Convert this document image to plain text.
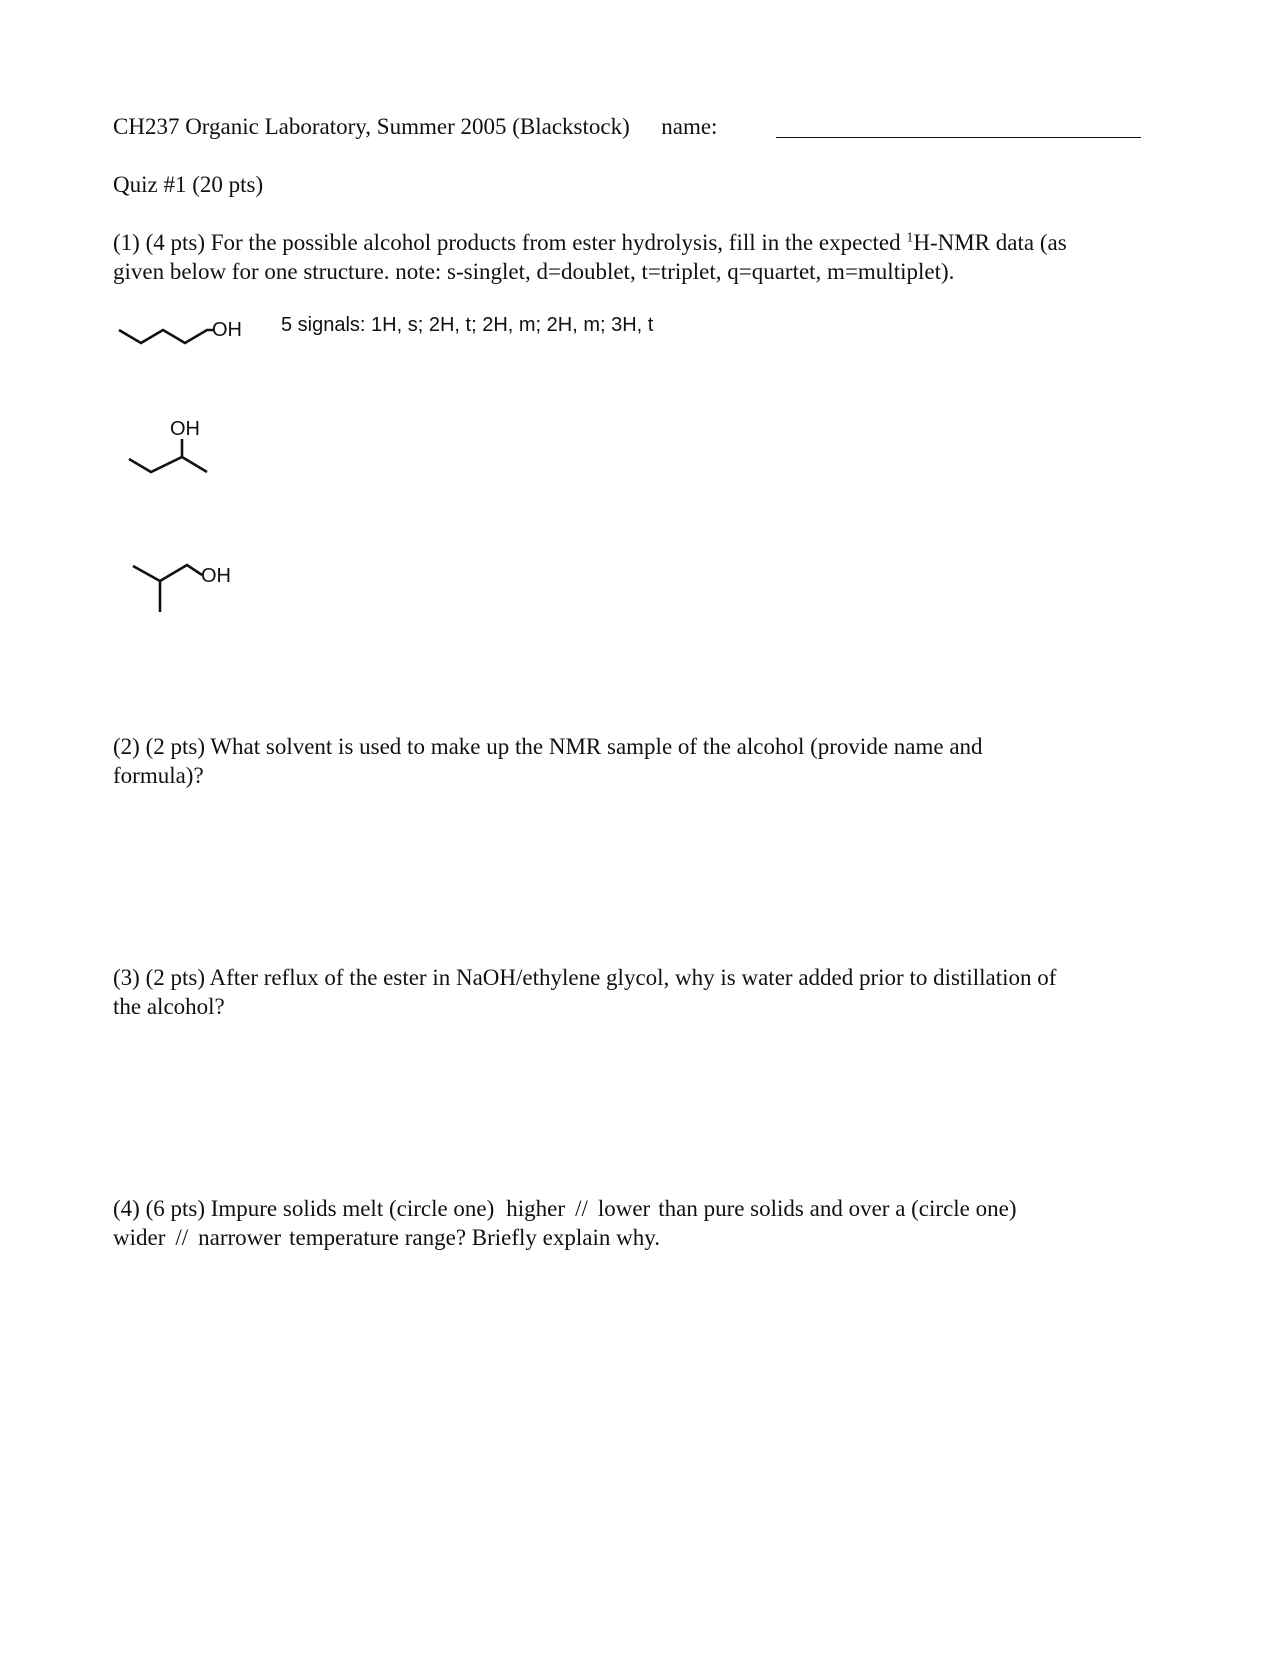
CH237 Organic Laboratory, Summer 2005 (Blackstock) name:
Quiz #1 (20 pts)
(1) (4 pts) For the possible alcohol products from ester hydrolysis, fill in the expected $^1$H-NMR data (as
given below for one structure. note: s-singlet, d=doublet, t=triplet, q=quartet, m=multiplet).
OH 5 signals: 1H, s; 2H, t; 2H, m; 2H, m; 3H, t
OH
OH
(2) (2 pts) What solvent is used to make up the NMR sample of the alcohol (provide name and
formula)?
(3) (2 pts) After reflux of the ester in NaOH/ethylene glycol, why is water added prior to distillation of
the alcohol?
(4) (6 pts) Impure solids melt (circle one) higher // lower than pure solids and over a (circle one)
wider // narrower temperature range? Briefly explain why.
